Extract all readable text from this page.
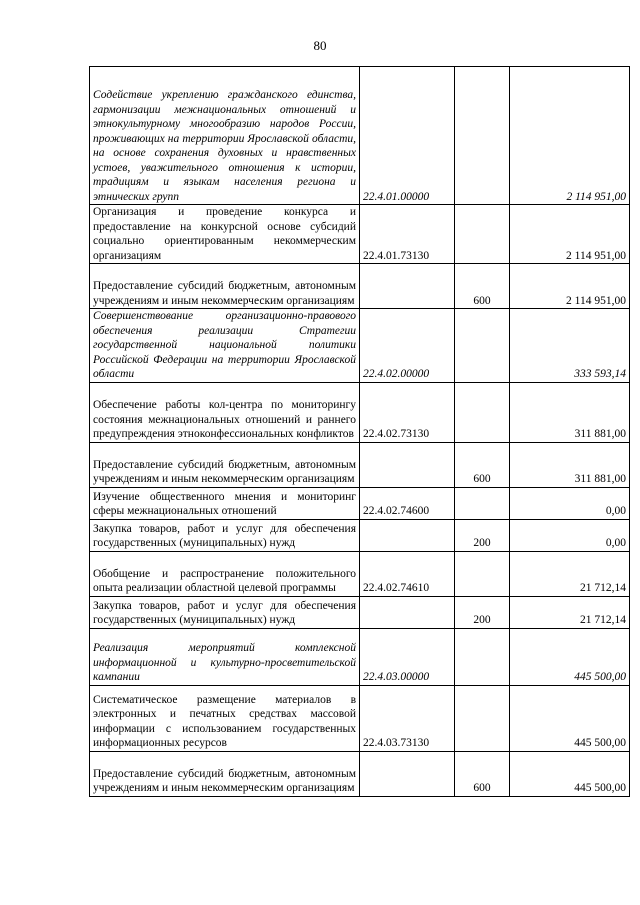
80
Содействие укреплению гражданского единства, гармонизации межнациональных отношений и этнокультурному многообразию народов России, проживающих на территории Ярославской области, на основе сохранения духовных и нравственных устоев, уважительного отношения к истории, традициям и языкам населения региона и этнических групп	22.4.01.00000		2 114 951,00

Организация и проведение конкурса и предоставление на конкурсной основе субсидий социально ориентированным некоммерческим организациям	22.4.01.73130		2 114 951,00

Предоставление субсидий бюджетным, автономным учреждениям и иным некоммерческим организациям		600	2 114 951,00

Совершенствование организационно-правового обеспечения реализации Стратегии государственной национальной политики Российской Федерации на территории Ярославской области	22.4.02.00000		333 593,14

Обеспечение работы кол-центра по мониторингу состояния межнациональных отношений и раннего предупреждения этноконфессиональных конфликтов	22.4.02.73130		311 881,00

Предоставление субсидий бюджетным, автономным учреждениям и иным некоммерческим организациям		600	311 881,00

Изучение общественного мнения и мониторинг сферы межнациональных отношений	22.4.02.74600		0,00

Закупка товаров, работ и услуг для обеспечения государственных (муниципальных) нужд		200	0,00

Обобщение и распространение положительного опыта реализации областной целевой программы	22.4.02.74610		21 712,14

Закупка товаров, работ и услуг для обеспечения государственных (муниципальных) нужд		200	21 712,14

Реализация мероприятий комплексной информационной и культурно-просветительской кампании	22.4.03.00000		445 500,00

Систематическое размещение материалов в электронных и печатных средствах массовой информации с использованием государственных информационных ресурсов	22.4.03.73130		445 500,00

Предоставление субсидий бюджетным, автономным учреждениям и иным некоммерческим организациям		600	445 500,00
